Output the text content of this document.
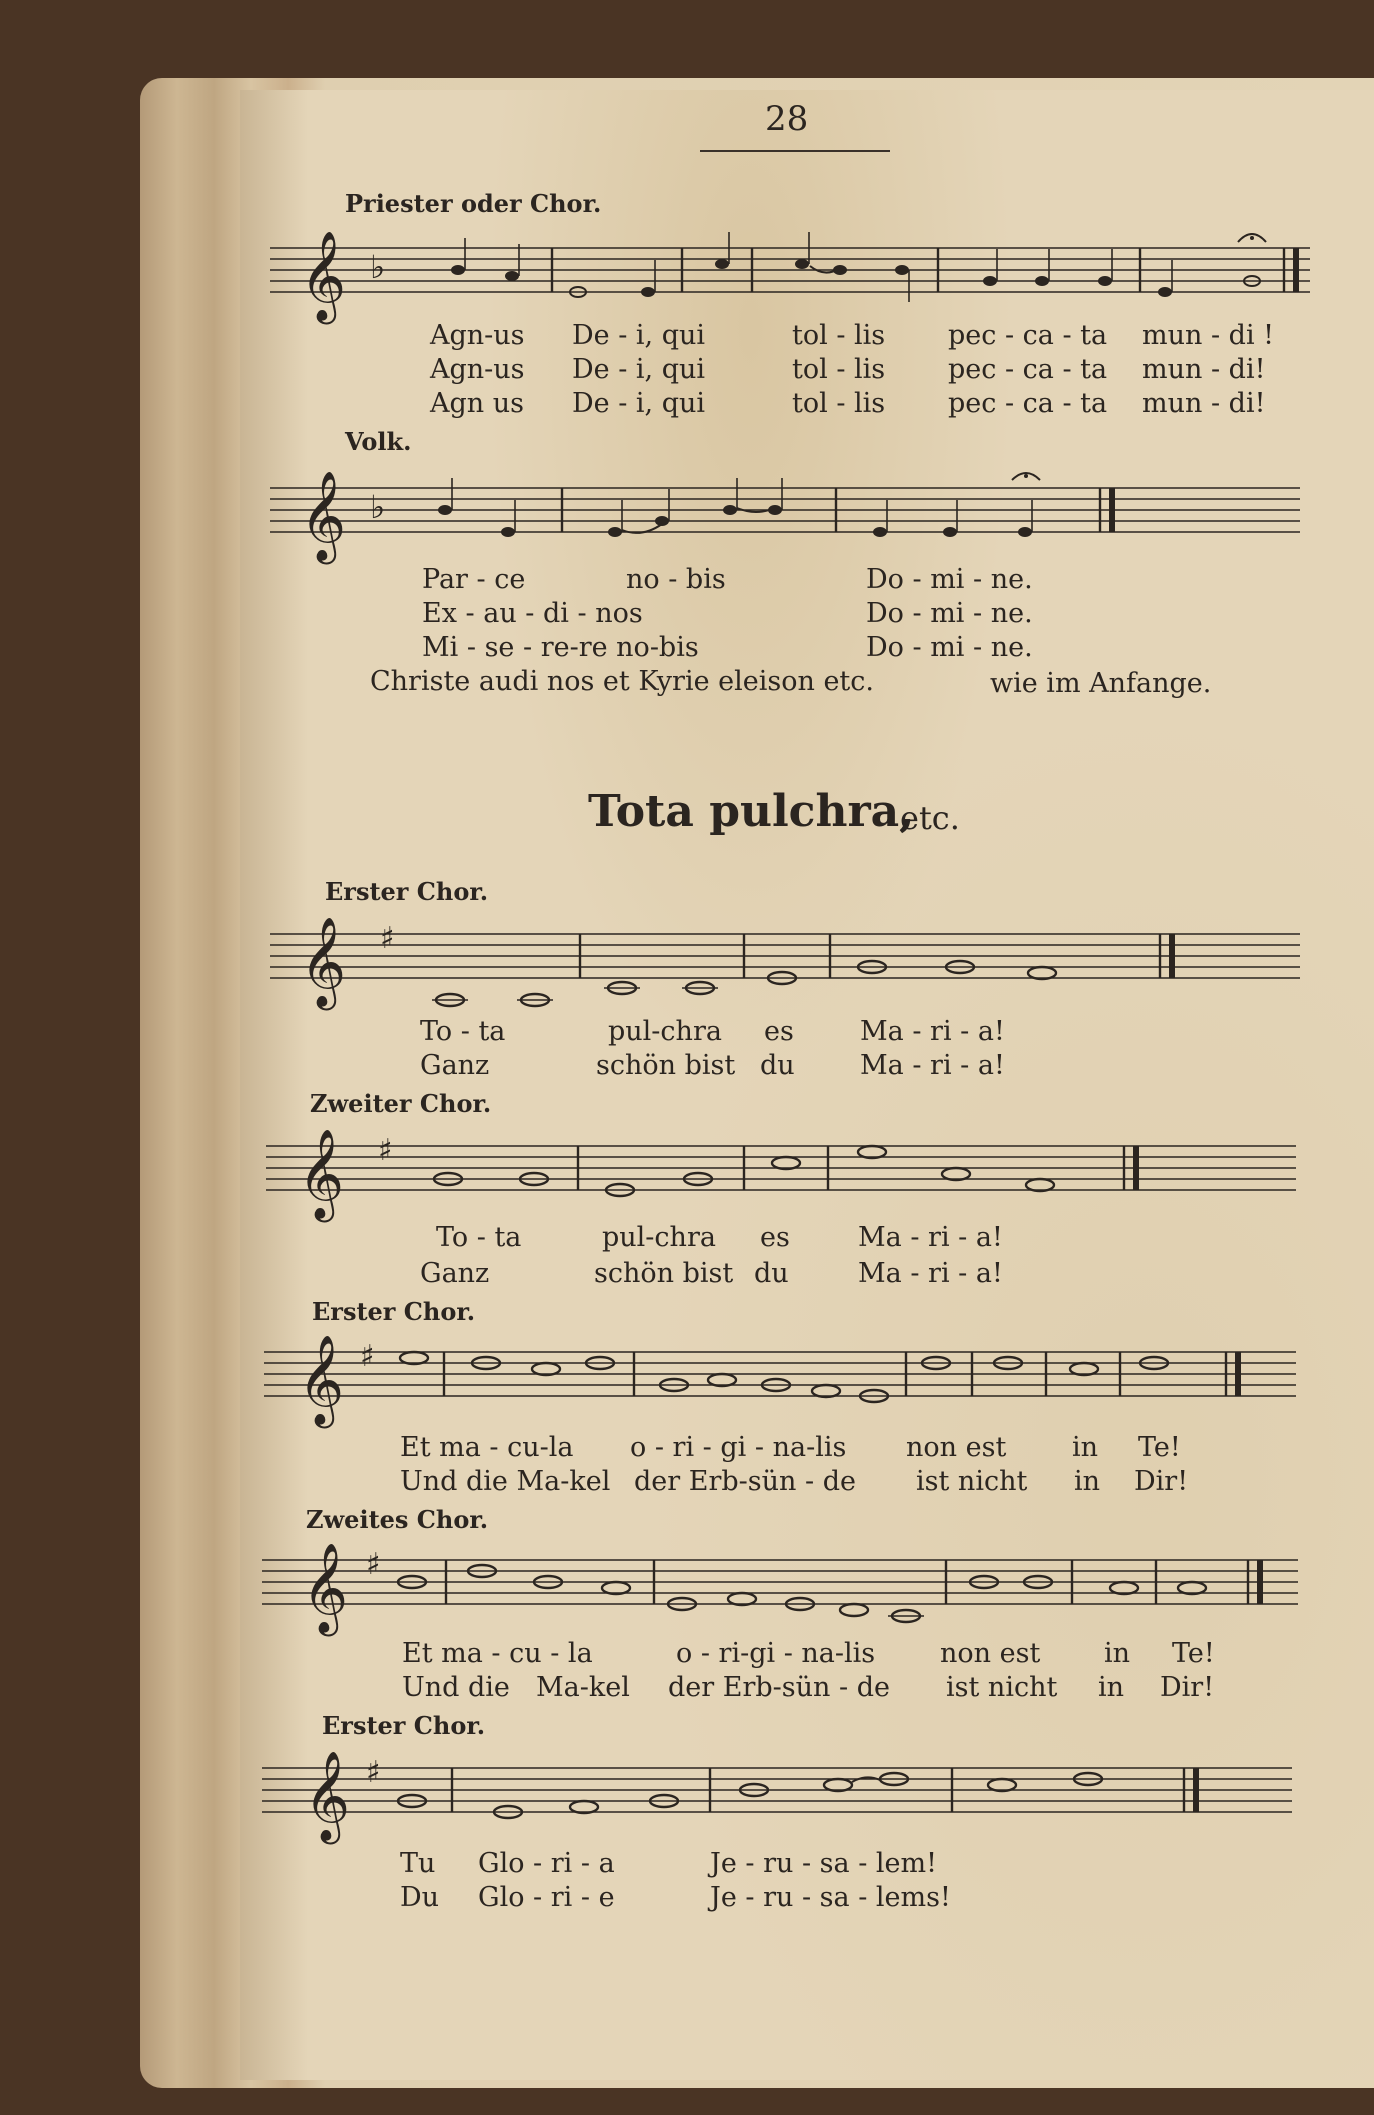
28
Priester oder Chor.
𝄞 ♭
Agn-us De - i, qui	tol - lis pec - ca - ta mun - di !
Agn-us De - i, qui	tol - lis pec - ca - ta mun - di!
Agn us De - i, qui	tol - lis pec - ca - ta mun - di!
Volk.
𝄞 ♭
Par - ce	no - bis	Do - mi - ne.
Ex - au - di - nos	Do - mi - ne.
Mi - se - re-re no-bis	Do - mi - ne.
Christe audi nos et Kyrie eleison etc.	wie im Anfange.
Tota pulchra,
etc.
Erster Chor.
𝄞 ♯
To - ta	pul-chra es Ma - ri - a!
Ganz	schön bist du Ma - ri - a!
Zweiter Chor.
𝄞 ♯
To - ta	pul-chra es	Ma - ri - a!
Ganz	schön bist du	Ma - ri - a!
Erster Chor.
𝄞 ♯
Et ma - cu-la o - ri - gi - na-lis non est in Te!
Und die Ma-kel der Erb-sün - de ist nicht in Dir!
Zweites Chor.
𝄞 ♯
Et ma - cu - la	o - ri-gi - na-lis non est in Te!
Und die Ma-kel der Erb-sün - de ist nicht in Dir!
Erster Chor.
𝄞 ♯
Tu Glo - ri - a	Je - ru - sa - lem!
Du Glo - ri - e	Je - ru - sa - lems!
